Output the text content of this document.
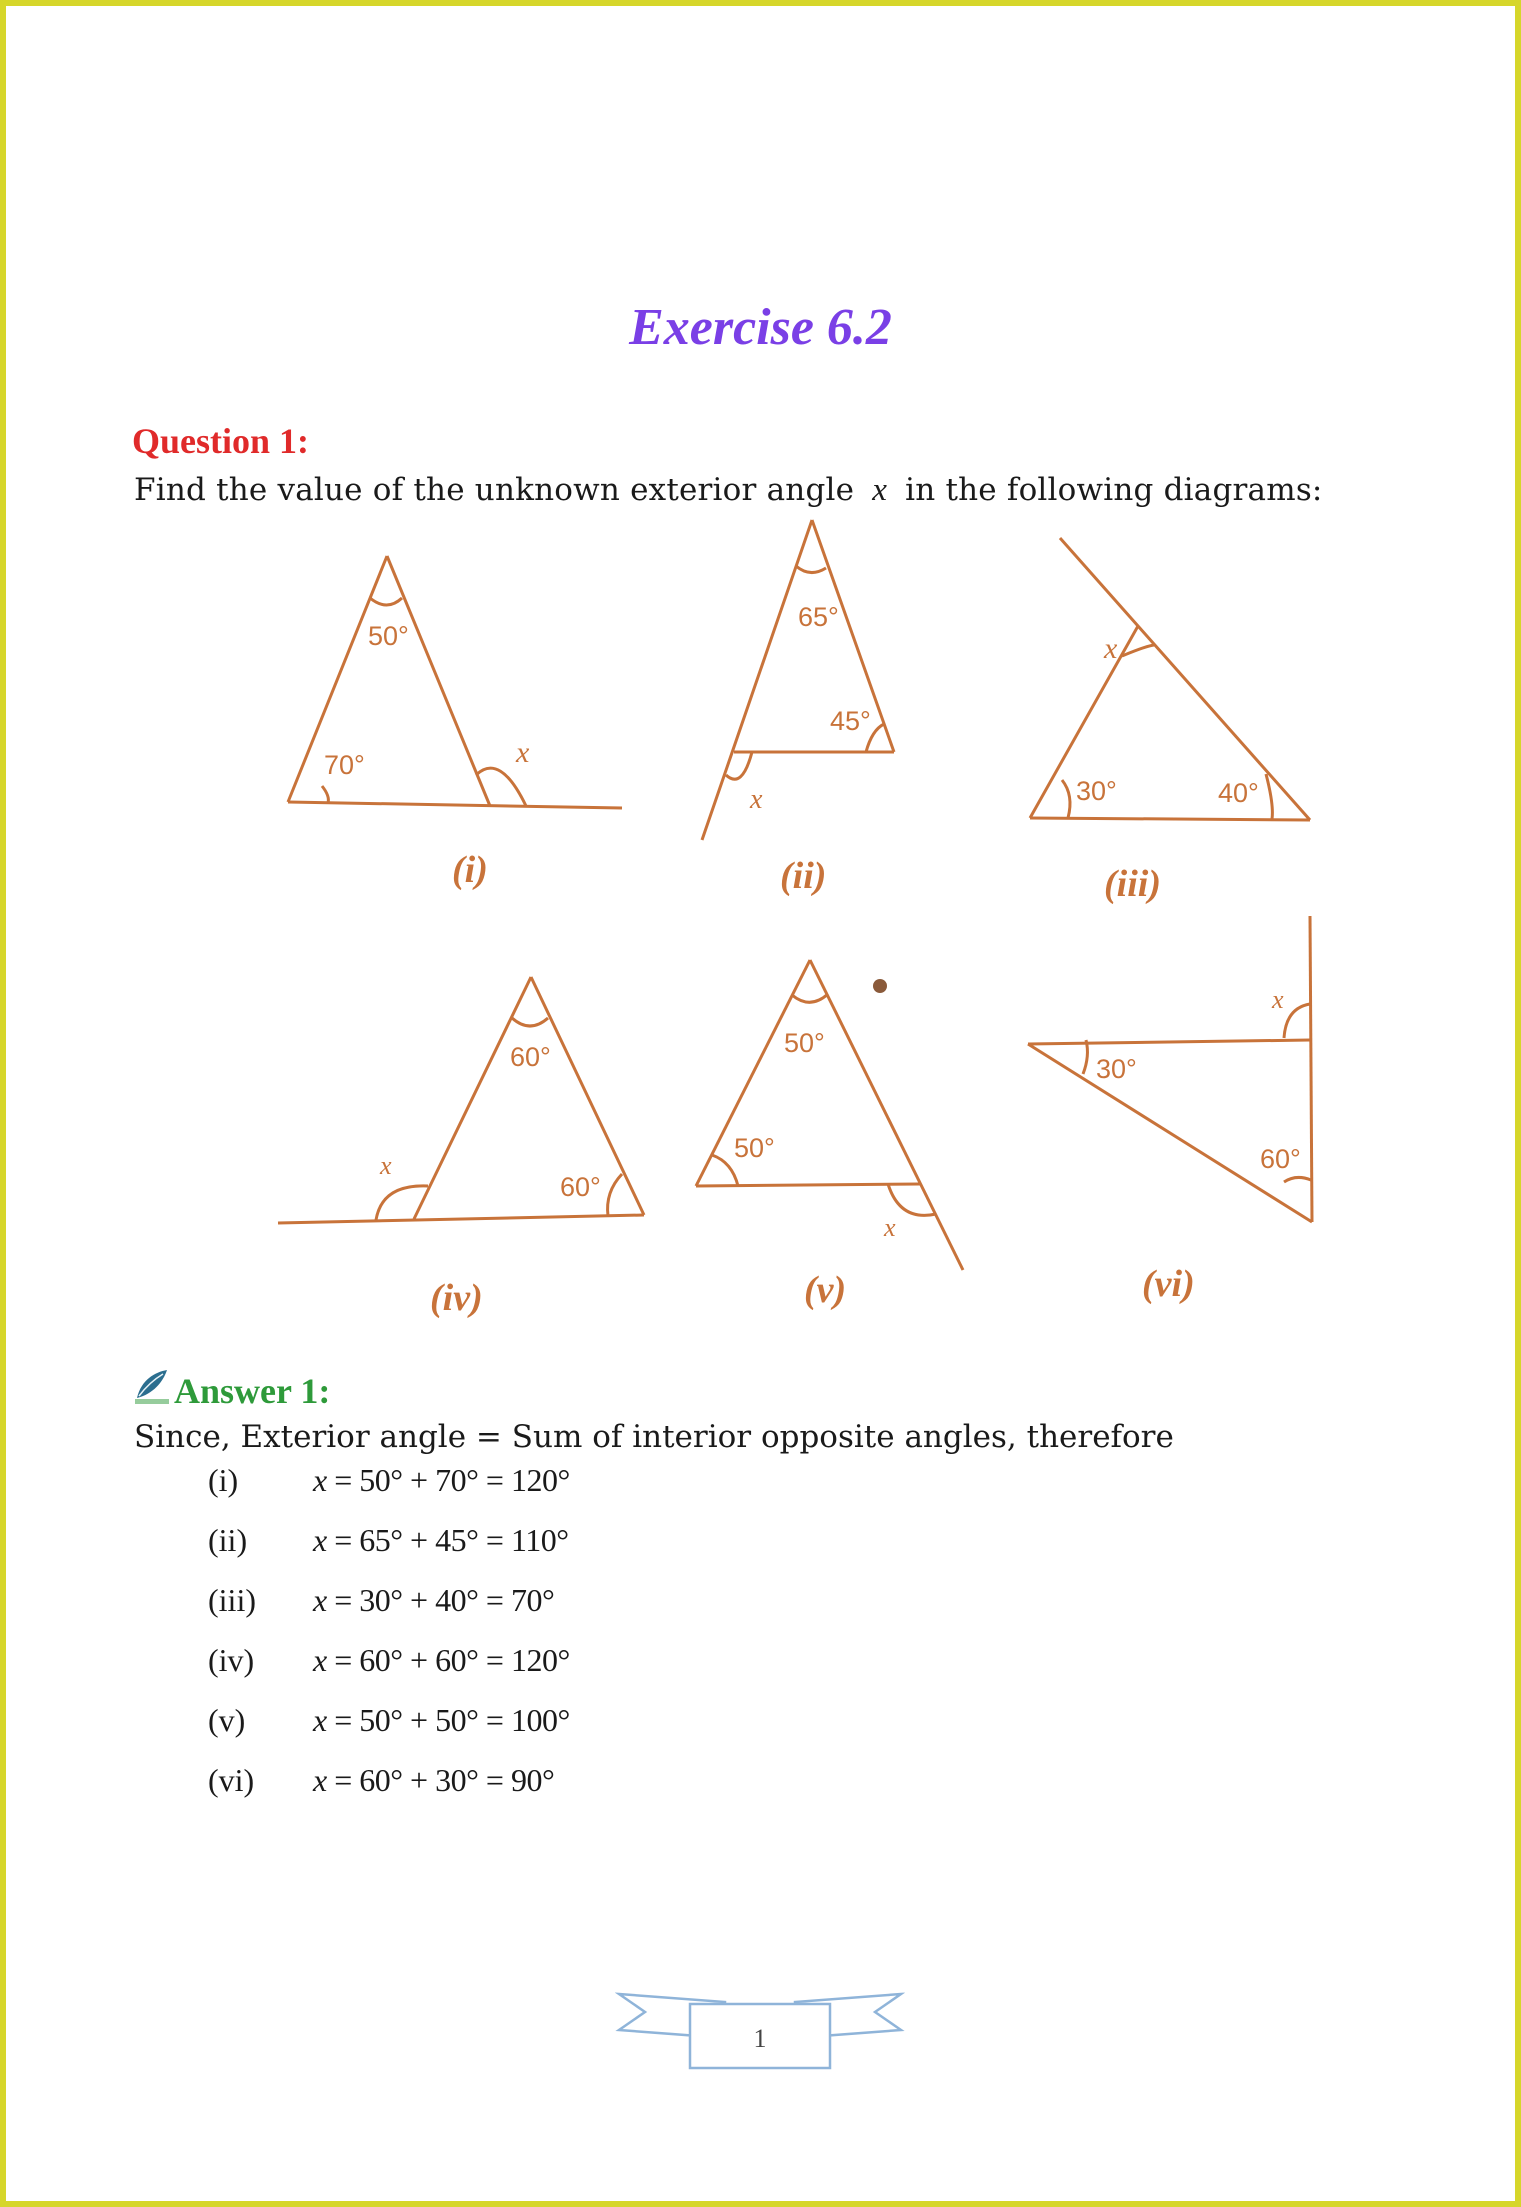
Exercise 6.2
Question 1:
Find the value of the unknown exterior angle x in the following diagrams:
50°
70°	x
(i)
65°
45°
x
(ii)
30°	40°
x
(iii)
60°
60°
x
(iv)
50°
50°
x
(v)
30°
60°
x
(vi)
Answer 1:
Since, Exterior angle = Sum of interior opposite angles, therefore
(i)	x = 50° + 70° = 120°
(ii)	x = 65° + 45° = 110°
(iii)	x = 30° + 40° = 70°
(iv)	x = 60° + 60° = 120°
(v)	x = 50° + 50° = 100°
(vi)	x = 60° + 30° = 90°
1
